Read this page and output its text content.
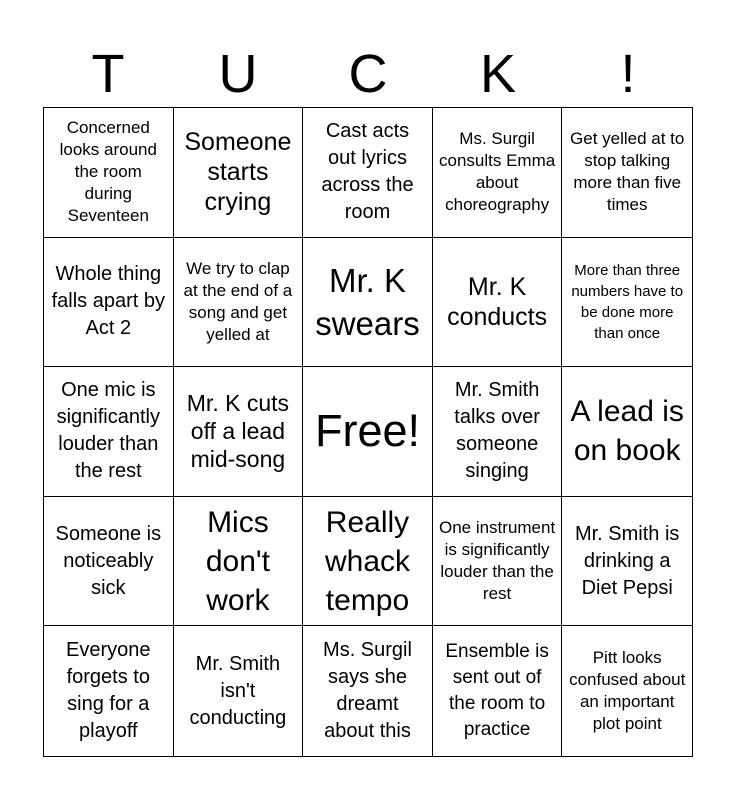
T	U	C	K	!
Concerned looks around the room during Seventeen
Someone starts crying
Cast acts out lyrics across the room
Ms. Surgil consults Emma about choreography
Get yelled at to stop talking more than five times
Whole thing falls apart by Act 2
We try to clap at the end of a song and get yelled at
Mr. K swears
Mr. K conducts
More than three numbers have to be done more than once
One mic is significantly louder than the rest
Mr. K cuts off a lead mid-song
Free!
Mr. Smith talks over someone singing
A lead is on book
Someone is noticeably sick
Mics don't work
Really whack tempo
One instrument is significantly louder than the rest
Mr. Smith is drinking a Diet Pepsi
Everyone forgets to sing for a playoff
Mr. Smith isn't conducting
Ms. Surgil says she dreamt about this
Ensemble is sent out of the room to practice
Pitt looks confused about an important plot point
